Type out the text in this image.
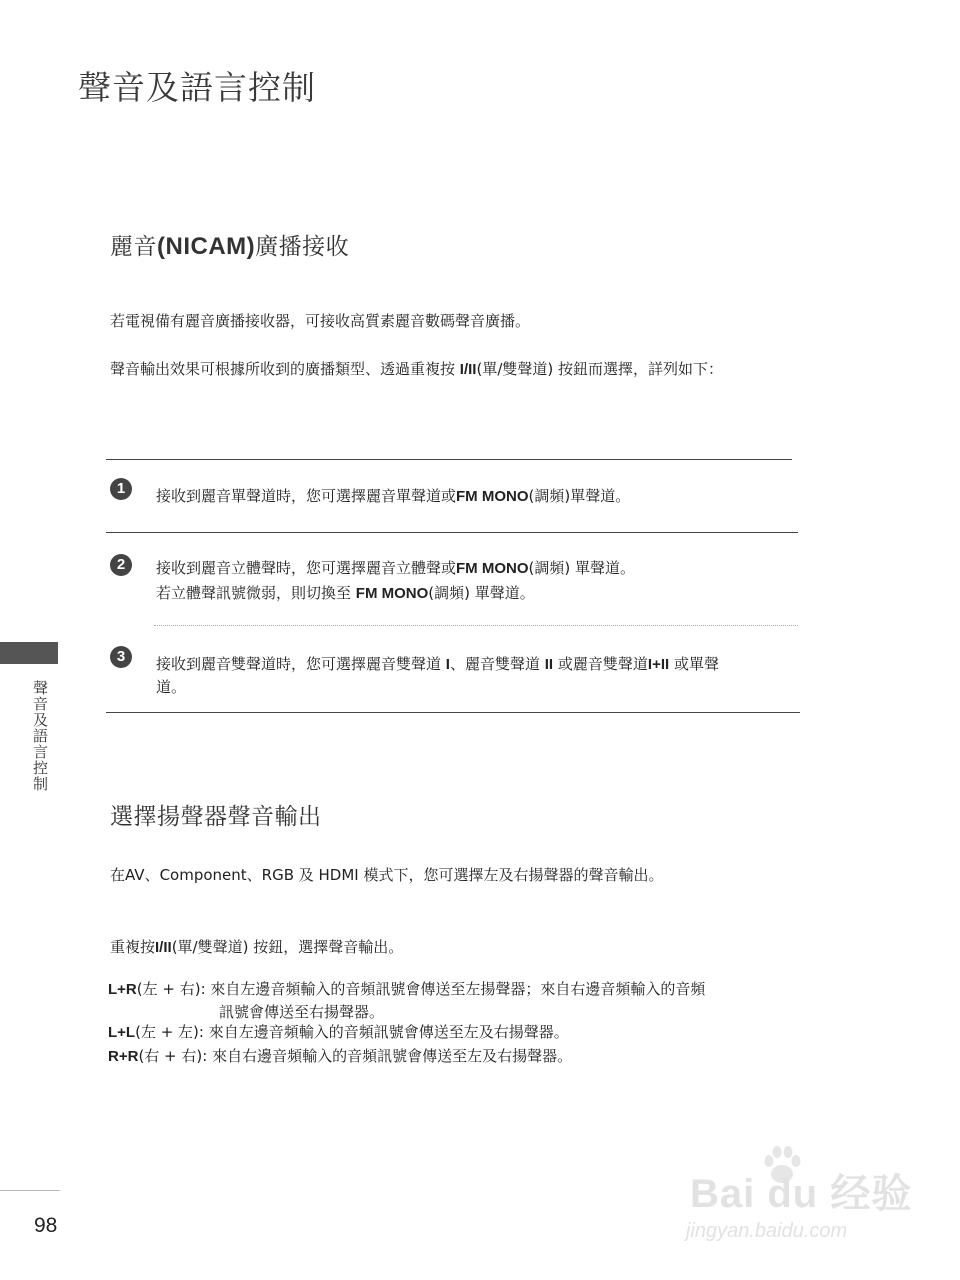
聲音及語言控制
麗音(NICAM)廣播接收
若電視備有麗音廣播接收器，可接收高質素麗音數碼聲音廣播。
聲音輸出效果可根據所收到的廣播類型、透過重複按 I/II(單/雙聲道) 按鈕而選擇，詳列如下：
1	接收到麗音單聲道時，您可選擇麗音單聲道或FM MONO(調頻)單聲道。
2	接收到麗音立體聲時，您可選擇麗音立體聲或FM MONO(調頻) 單聲道。
若立體聲訊號微弱，則切換至 FM MONO(調頻) 單聲道。
3	接收到麗音雙聲道時，您可選擇麗音雙聲道 I、麗音雙聲道 II 或麗音雙聲道I+II 或單聲
道。
聲音及語言控制
選擇揚聲器聲音輸出
在AV、Component、RGB 及 HDMI 模式下，您可選擇左及右揚聲器的聲音輸出。
重複按I/II(單/雙聲道) 按鈕，選擇聲音輸出。
L+R(左 + 右): 來自左邊音頻輸入的音頻訊號會傳送至左揚聲器；來自右邊音頻輸入的音頻
訊號會傳送至右揚聲器。
L+L(左 + 左): 來自左邊音頻輸入的音頻訊號會傳送至左及右揚聲器。
R+R(右 + 右): 來自右邊音頻輸入的音頻訊號會傳送至左及右揚聲器。
98
Bai du 经验
jingyan.baidu.com
